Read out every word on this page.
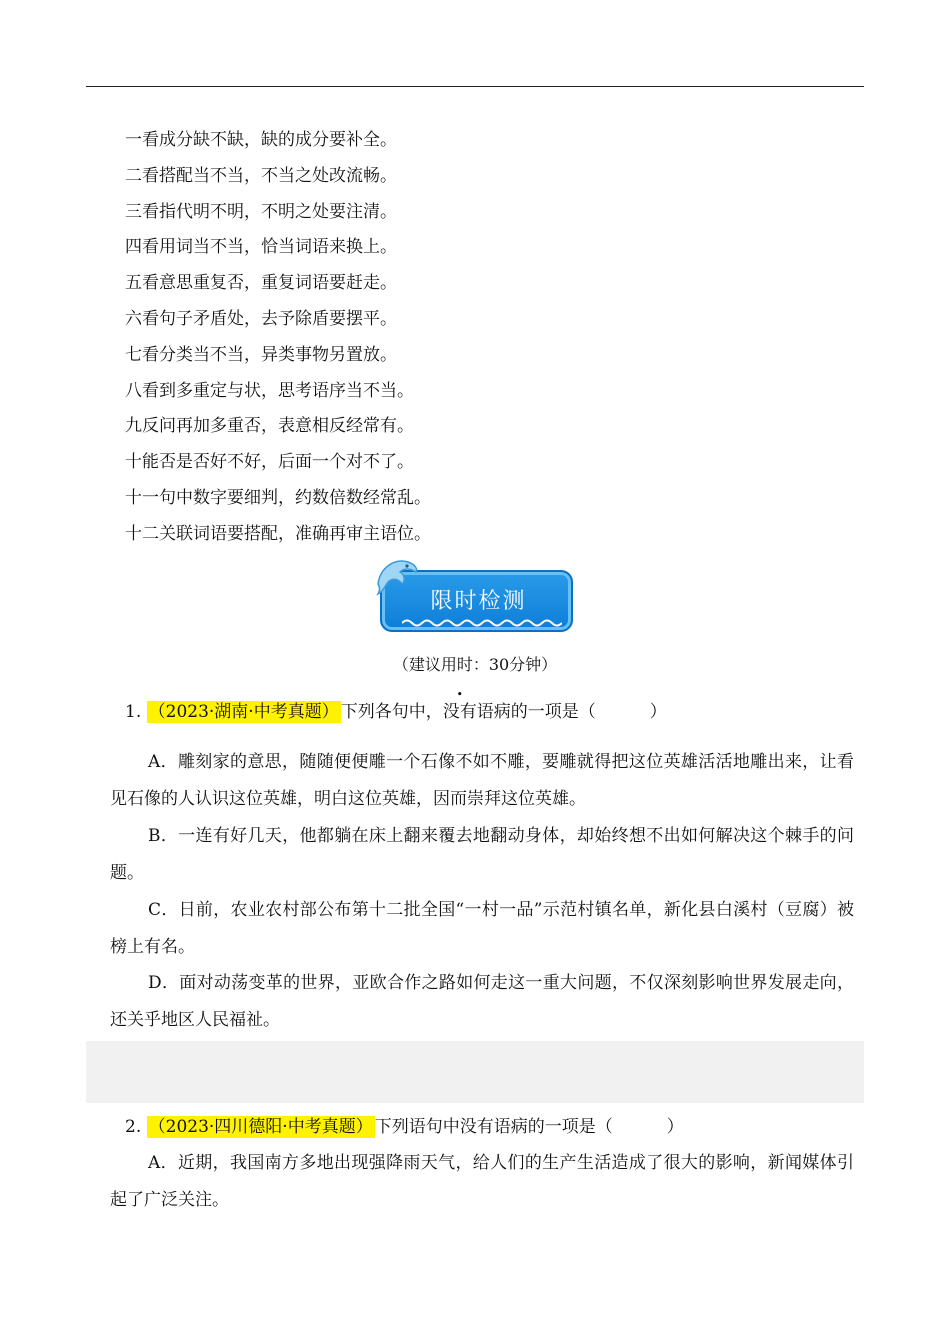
一看成分缺不缺，缺的成分要补全。
二看搭配当不当，不当之处改流畅。
三看指代明不明，不明之处要注清。
四看用词当不当，恰当词语来换上。
五看意思重复否，重复词语要赶走。
六看句子矛盾处，去予除盾要摆平。
七看分类当不当，异类事物另置放。
八看到多重定与状，思考语序当不当。
九反问再加多重否，表意相反经常有。
十能否是否好不好，后面一个对不了。
十一句中数字要细判，约数倍数经常乱。
十二关联词语要搭配，准确再审主语位。
限时检测
（建议用时：30分钟）
1. （2023·湖南·中考真题） 下列各句中，没有语病的一项是（	）

A．雕刻家的意思，随随便便雕一个石像不如不雕，要雕就得把这位英雄活活地雕出来，让看见石像的人认识这位英雄，明白这位英雄，因而崇拜这位英雄。

B．一连有好几天，他都躺在床上翻来覆去地翻动身体，却始终想不出如何解决这个棘手的问题。

C．日前，农业农村部公布第十二批全国“一村一品”示范村镇名单，新化县白溪村（豆腐）被榜上有名。

D．面对动荡变革的世界，亚欧合作之路如何走这一重大问题，不仅深刻影响世界发展走向，还关乎地区人民福祉。

2. （2023·四川德阳·中考真题） 下列语句中没有语病的一项是（	）

A．近期，我国南方多地出现强降雨天气，给人们的生产生活造成了很大的影响，新闻媒体引起了广泛关注。
